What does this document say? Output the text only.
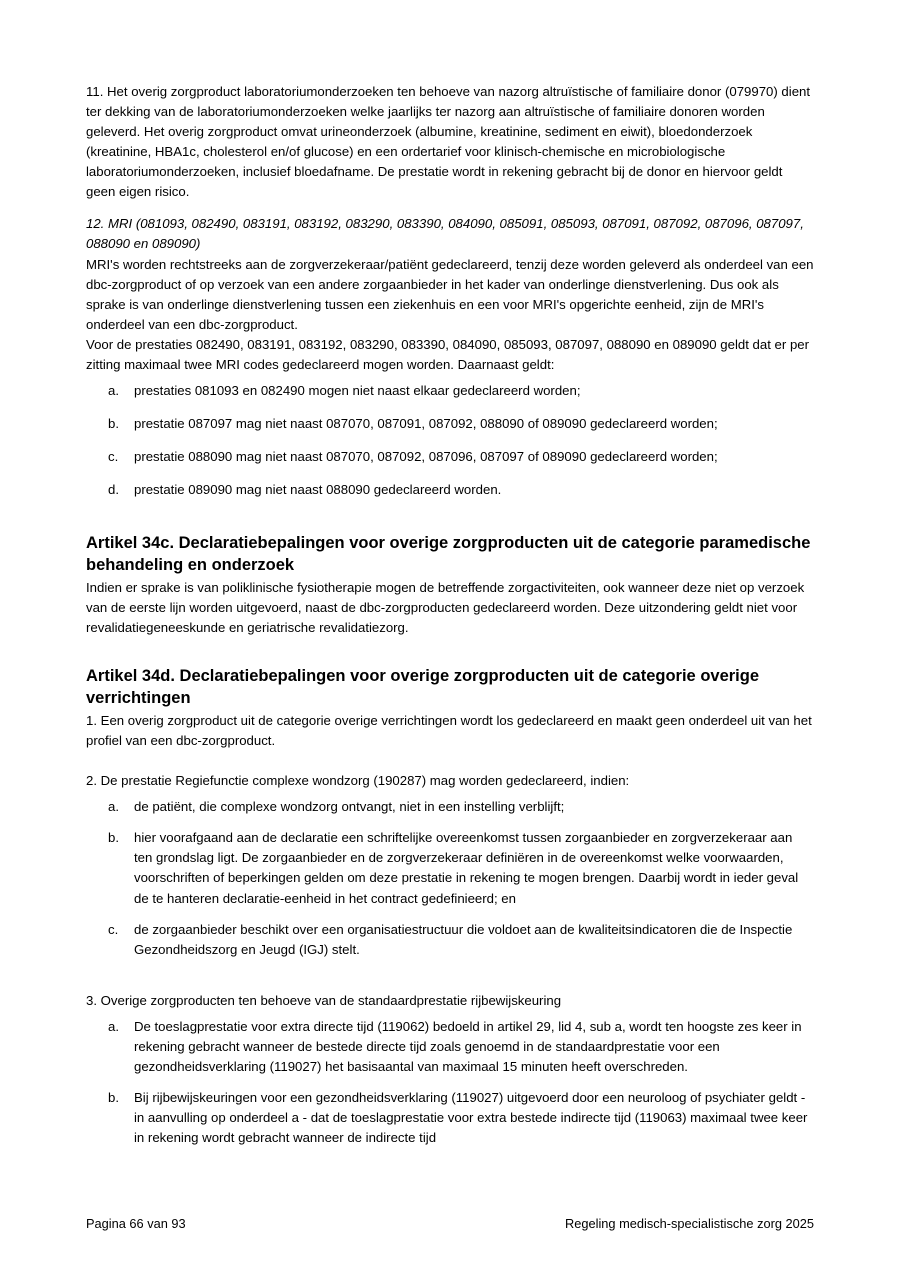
11. Het overig zorgproduct laboratoriumonderzoeken ten behoeve van nazorg altruïstische of familiaire donor (079970) dient ter dekking van de laboratoriumonderzoeken welke jaarlijks ter nazorg aan altruïstische of familiaire donoren worden geleverd. Het overig zorgproduct omvat urineonderzoek (albumine, kreatinine, sediment en eiwit), bloedonderzoek (kreatinine, HBA1c, cholesterol en/of glucose) en een ordertarief voor klinisch-chemische en microbiologische laboratoriumonderzoeken, inclusief bloedafname. De prestatie wordt in rekening gebracht bij de donor en hiervoor geldt geen eigen risico.

12. MRI (081093, 082490, 083191, 083192, 083290, 083390, 084090, 085091, 085093, 087091, 087092, 087096, 087097, 088090 en 089090)

MRI's worden rechtstreeks aan de zorgverzekeraar/patiënt gedeclareerd, tenzij deze worden geleverd als onderdeel van een dbc-zorgproduct of op verzoek van een andere zorgaanbieder in het kader van onderlinge dienstverlening. Dus ook als sprake is van onderlinge dienstverlening tussen een ziekenhuis en een voor MRI's opgerichte eenheid, zijn de MRI's onderdeel van een dbc-zorgproduct.

Voor de prestaties 082490, 083191, 083192, 083290, 083390, 084090, 085093, 087097, 088090 en 089090 geldt dat er per zitting maximaal twee MRI codes gedeclareerd mogen worden. Daarnaast geldt:

a. prestaties 081093 en 082490 mogen niet naast elkaar gedeclareerd worden;
b. prestatie 087097 mag niet naast 087070, 087091, 087092, 088090 of 089090 gedeclareerd worden;
c. prestatie 088090 mag niet naast 087070, 087092, 087096, 087097 of 089090 gedeclareerd worden;
d. prestatie 089090 mag niet naast 088090 gedeclareerd worden.
Artikel 34c. Declaratiebepalingen voor overige zorgproducten uit de categorie paramedische behandeling en onderzoek

Indien er sprake is van poliklinische fysiotherapie mogen de betreffende zorgactiviteiten, ook wanneer deze niet op verzoek van de eerste lijn worden uitgevoerd, naast de dbc-zorgproducten gedeclareerd worden. Deze uitzondering geldt niet voor revalidatiegeneeskunde en geriatrische revalidatiezorg.

Artikel 34d. Declaratiebepalingen voor overige zorgproducten uit de categorie overige verrichtingen

1. Een overig zorgproduct uit de categorie overige verrichtingen wordt los gedeclareerd en maakt geen onderdeel uit van het profiel van een dbc-zorgproduct.

2. De prestatie Regiefunctie complexe wondzorg (190287) mag worden gedeclareerd, indien:

a. de patiënt, die complexe wondzorg ontvangt, niet in een instelling verblijft;
b. hier voorafgaand aan de declaratie een schriftelijke overeenkomst tussen zorgaanbieder en zorgverzekeraar aan ten grondslag ligt. De zorgaanbieder en de zorgverzekeraar definiëren in de overeenkomst welke voorwaarden, voorschriften of beperkingen gelden om deze prestatie in rekening te mogen brengen. Daarbij wordt in ieder geval de te hanteren declaratie-eenheid in het contract gedefinieerd; en
c. de zorgaanbieder beschikt over een organisatiestructuur die voldoet aan de kwaliteitsindicatoren die de Inspectie Gezondheidszorg en Jeugd (IGJ) stelt.

3. Overige zorgproducten ten behoeve van de standaardprestatie rijbewijskeuring

a. De toeslagprestatie voor extra directe tijd (119062) bedoeld in artikel 29, lid 4, sub a, wordt ten hoogste zes keer in rekening gebracht wanneer de bestede directe tijd zoals genoemd in de standaardprestatie voor een gezondheidsverklaring (119027) het basisaantal van maximaal 15 minuten heeft overschreden.
b. Bij rijbewijskeuringen voor een gezondheidsverklaring (119027) uitgevoerd door een neuroloog of psychiater geldt - in aanvulling op onderdeel a - dat de toeslagprestatie voor extra bestede indirecte tijd (119063) maximaal twee keer in rekening wordt gebracht wanneer de indirecte tijd
Pagina 66 van 93	Regeling medisch-specialistische zorg 2025
